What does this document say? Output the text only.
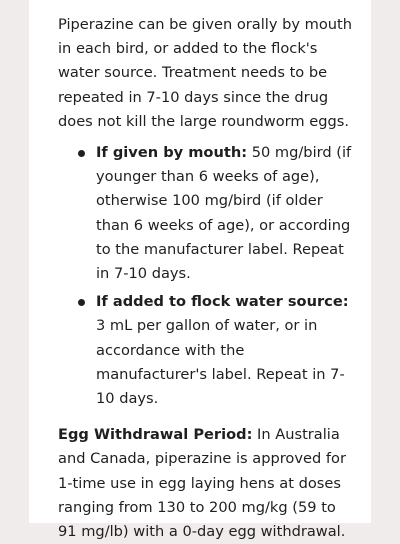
Piperazine can be given orally by mouth in each bird, or added to the flock's water source. Treatment needs to be repeated in 7-10 days since the drug does not kill the large roundworm eggs.

If given by mouth: 50 mg/bird (if younger than 6 weeks of age), otherwise 100 mg/bird (if older than 6 weeks of age), or according to the manufacturer label. Repeat in 7-10 days.
If added to flock water source: 3 mL per gallon of water, or in accordance with the manufacturer's label. Repeat in 7-10 days.

Egg Withdrawal Period: In Australia and Canada, piperazine is approved for 1-time use in egg laying hens at doses ranging from 130 to 200 mg/kg (59 to 91 mg/lb) with a 0-day egg withdrawal.
